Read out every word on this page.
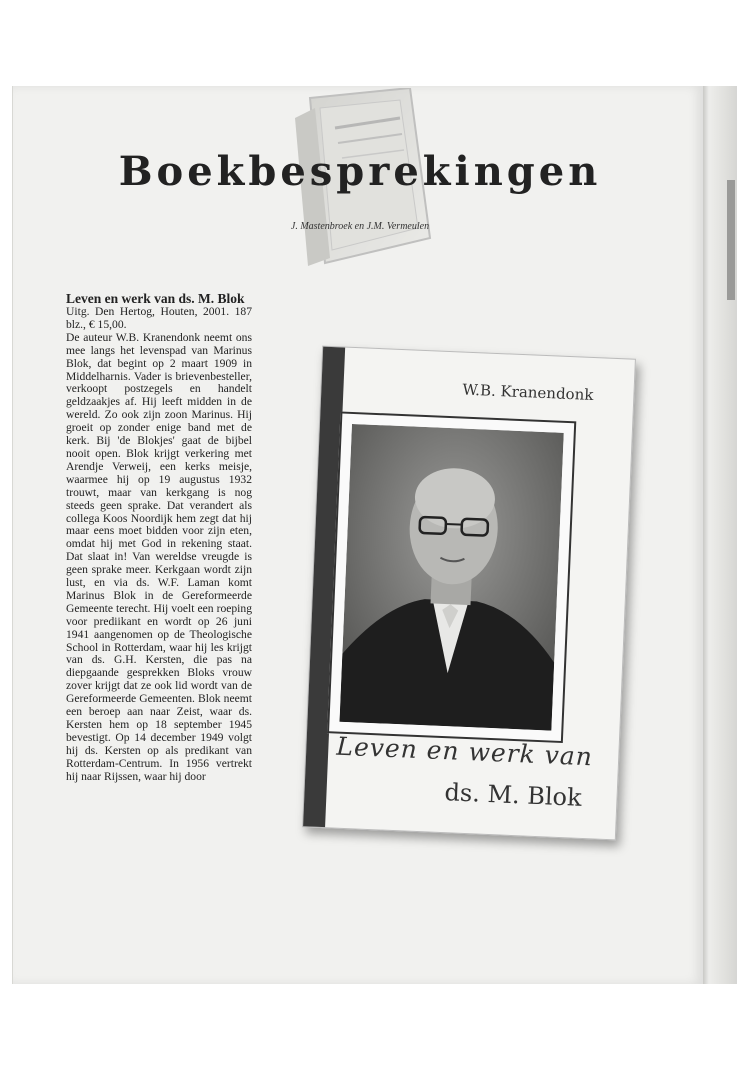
Boekbesprekingen
J. Mastenbroek en J.M. Vermeulen
Leven en werk van ds. M. Blok
Uitg. Den Hertog, Houten, 2001. 187 blz., € 15,00.
De auteur W.B. Kranendonk neemt ons mee langs het levenspad van Marinus Blok, dat begint op 2 maart 1909 in Middelharnis. Vader is brievenbesteller, verkoopt postzegels en handelt geldzaakjes af. Hij leeft midden in de wereld. Zo ook zijn zoon Marinus. Hij groeit op zonder enige band met de kerk. Bij 'de Blokjes' gaat de bijbel nooit open. Blok krijgt verkering met Arendje Verweij, een kerks meisje, waarmee hij op 19 augustus 1932 trouwt, maar van kerkgang is nog steeds geen sprake. Dat verandert als collega Koos Noordijk hem zegt dat hij maar eens moet bidden voor zijn eten, omdat hij met God in rekening staat. Dat slaat in! Van wereldse vreugde is geen sprake meer. Kerkgaan wordt zijn lust, en via ds. W.F. Laman komt Marinus Blok in de Gereformeerde Gemeente terecht. Hij voelt een roeping voor prediikant en wordt op 26 juni 1941 aangenomen op de Theologische School in Rotterdam, waar hij les krijgt van ds. G.H. Kersten, die pas na diepgaande gesprekken Bloks vrouw zover krijgt dat ze ook lid wordt van de Gereformeerde Gemeenten. Blok neemt een beroep aan naar Zeist, waar ds. Kersten hem op 18 september 1945 bevestigt. Op 14 december 1949 volgt hij ds. Kersten op als predikant van Rotterdam-Centrum. In 1956 vertrekt hij naar Rijssen, waar hij door
W.B. Kranendonk
Leven en werk van
ds. M. Blok
